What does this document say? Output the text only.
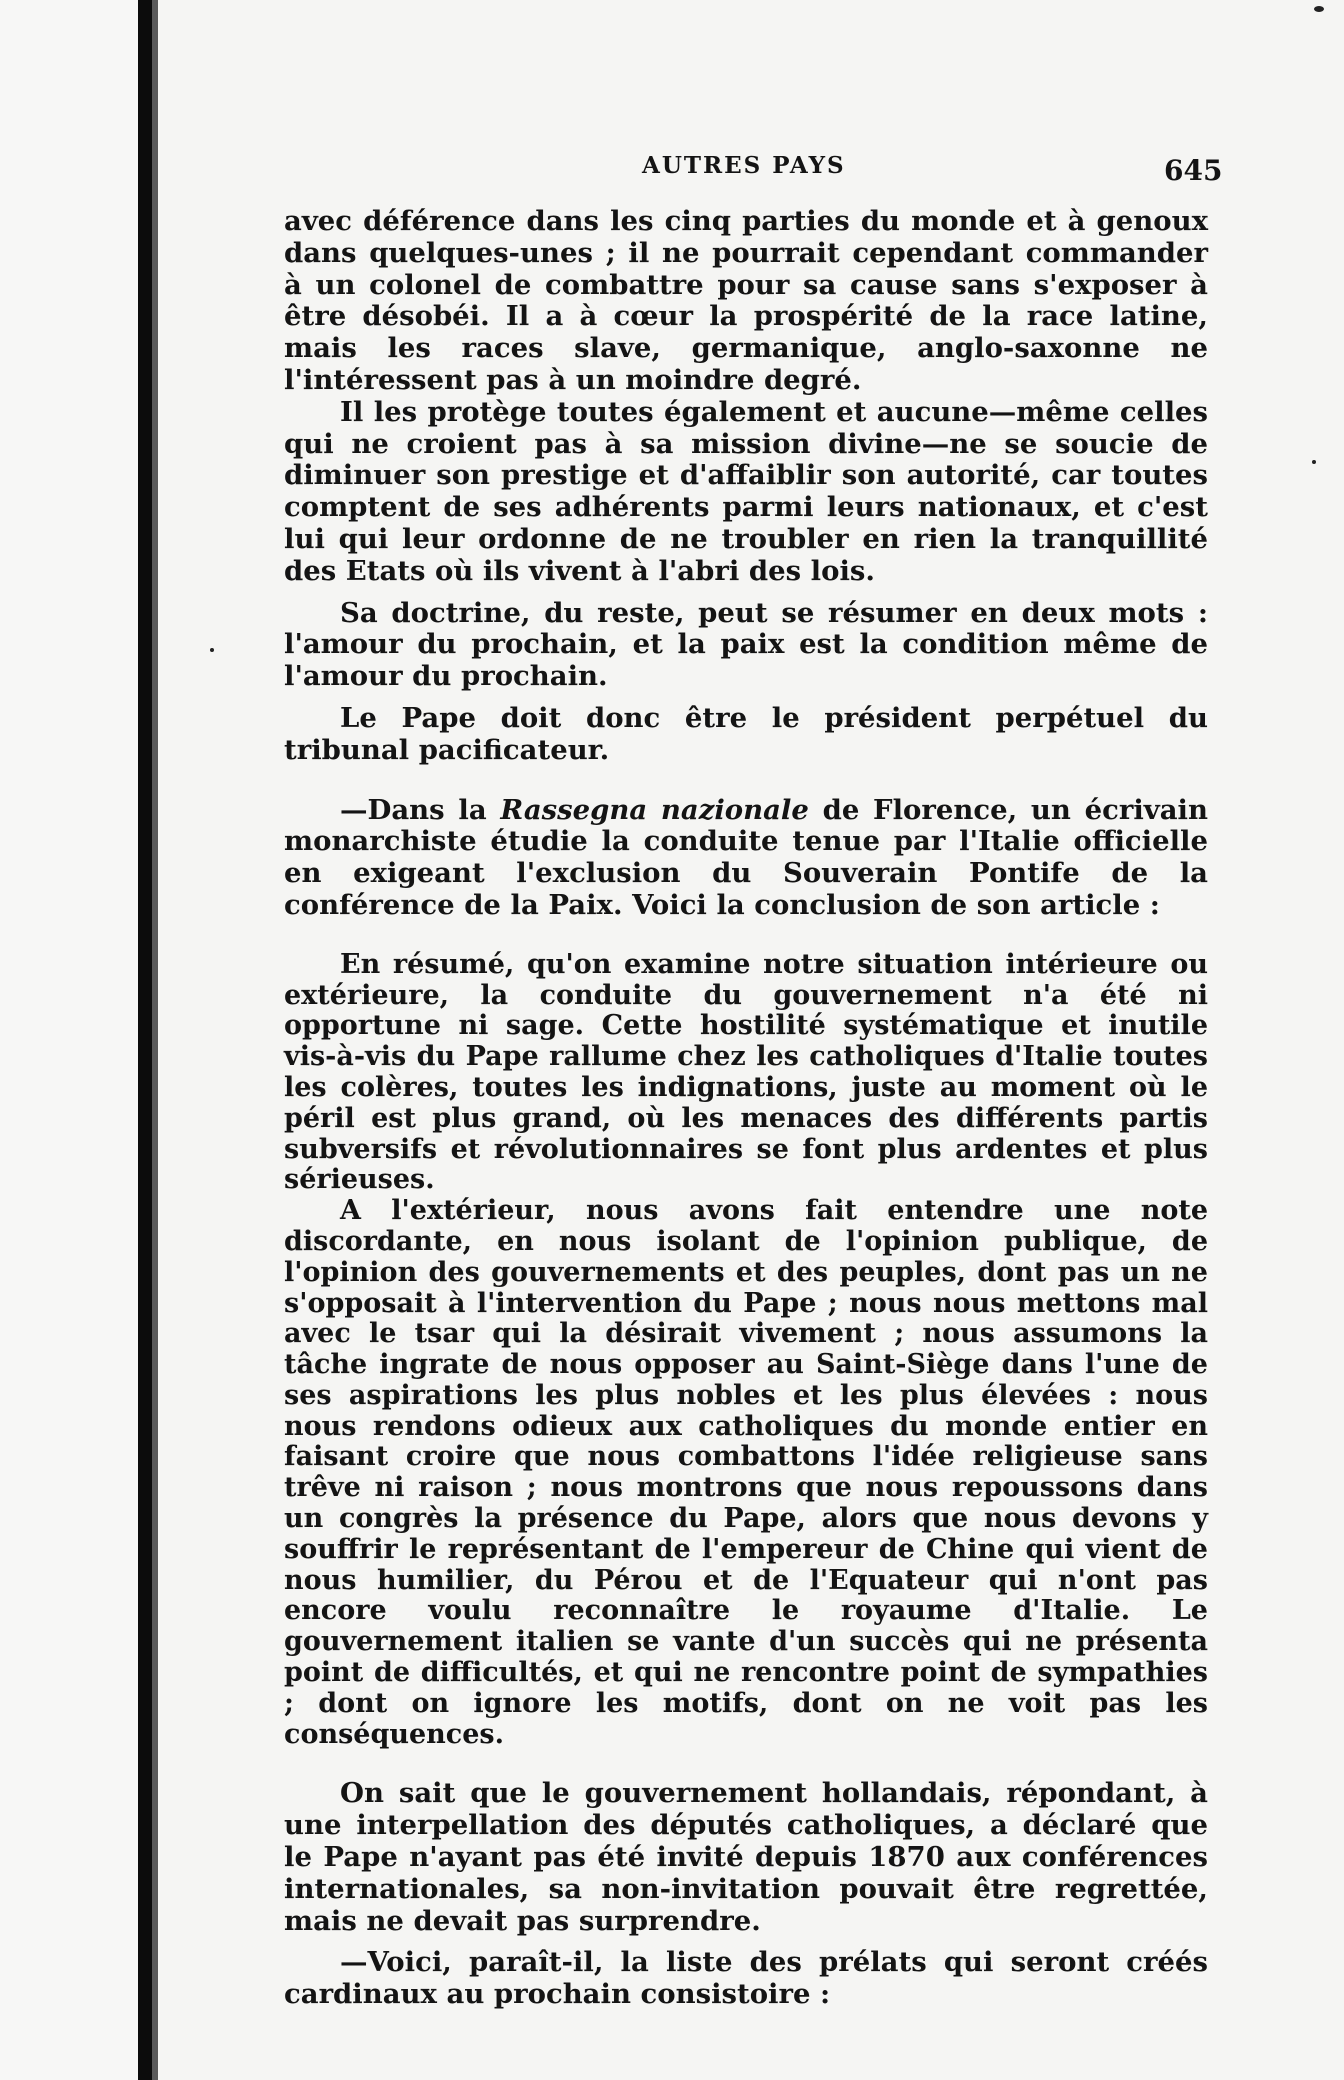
AUTRES PAYS	645

avec déférence dans les cinq parties du monde et à genoux dans quelques-unes ; il ne pourrait cependant commander à un colonel de combattre pour sa cause sans s'exposer à être désobéi. Il a à cœur la prospérité de la race latine, mais les races slave, germanique, anglo-saxonne ne l'intéressent pas à un moindre degré.

Il les protège toutes également et aucune—même celles qui ne croient pas à sa mission divine—ne se soucie de diminuer son prestige et d'affaiblir son autorité, car toutes comptent de ses adhérents parmi leurs nationaux, et c'est lui qui leur ordonne de ne troubler en rien la tranquillité des Etats où ils vivent à l'abri des lois.

Sa doctrine, du reste, peut se résumer en deux mots : l'amour du prochain, et la paix est la condition même de l'amour du prochain.

Le Pape doit donc être le président perpétuel du tribunal pacificateur.

—Dans la Rassegna nazionale de Florence, un écrivain monarchiste étudie la conduite tenue par l'Italie officielle en exigeant l'exclusion du Souverain Pontife de la conférence de la Paix. Voici la conclusion de son article :

En résumé, qu'on examine notre situation intérieure ou extérieure, la conduite du gouvernement n'a été ni opportune ni sage. Cette hostilité systématique et inutile vis-à-vis du Pape rallume chez les catholiques d'Italie toutes les colères, toutes les indignations, juste au moment où le péril est plus grand, où les menaces des différents partis subversifs et révolutionnaires se font plus ardentes et plus sérieuses.

A l'extérieur, nous avons fait entendre une note discordante, en nous isolant de l'opinion publique, de l'opinion des gouvernements et des peuples, dont pas un ne s'opposait à l'intervention du Pape ; nous nous mettons mal avec le tsar qui la désirait vivement ; nous assumons la tâche ingrate de nous opposer au Saint-Siège dans l'une de ses aspirations les plus nobles et les plus élevées : nous nous rendons odieux aux catholiques du monde entier en faisant croire que nous combattons l'idée religieuse sans trêve ni raison ; nous montrons que nous repoussons dans un congrès la présence du Pape, alors que nous devons y souffrir le représentant de l'empereur de Chine qui vient de nous humilier, du Pérou et de l'Equateur qui n'ont pas encore voulu reconnaître le royaume d'Italie. Le gouvernement italien se vante d'un succès qui ne présenta point de difficultés, et qui ne rencontre point de sympathies ; dont on ignore les motifs, dont on ne voit pas les conséquences.

On sait que le gouvernement hollandais, répondant, à une interpellation des députés catholiques, a déclaré que le Pape n'ayant pas été invité depuis 1870 aux conférences internationales, sa non-invitation pouvait être regrettée, mais ne devait pas surprendre.

—Voici, paraît-il, la liste des prélats qui seront créés cardinaux au prochain consistoire :
